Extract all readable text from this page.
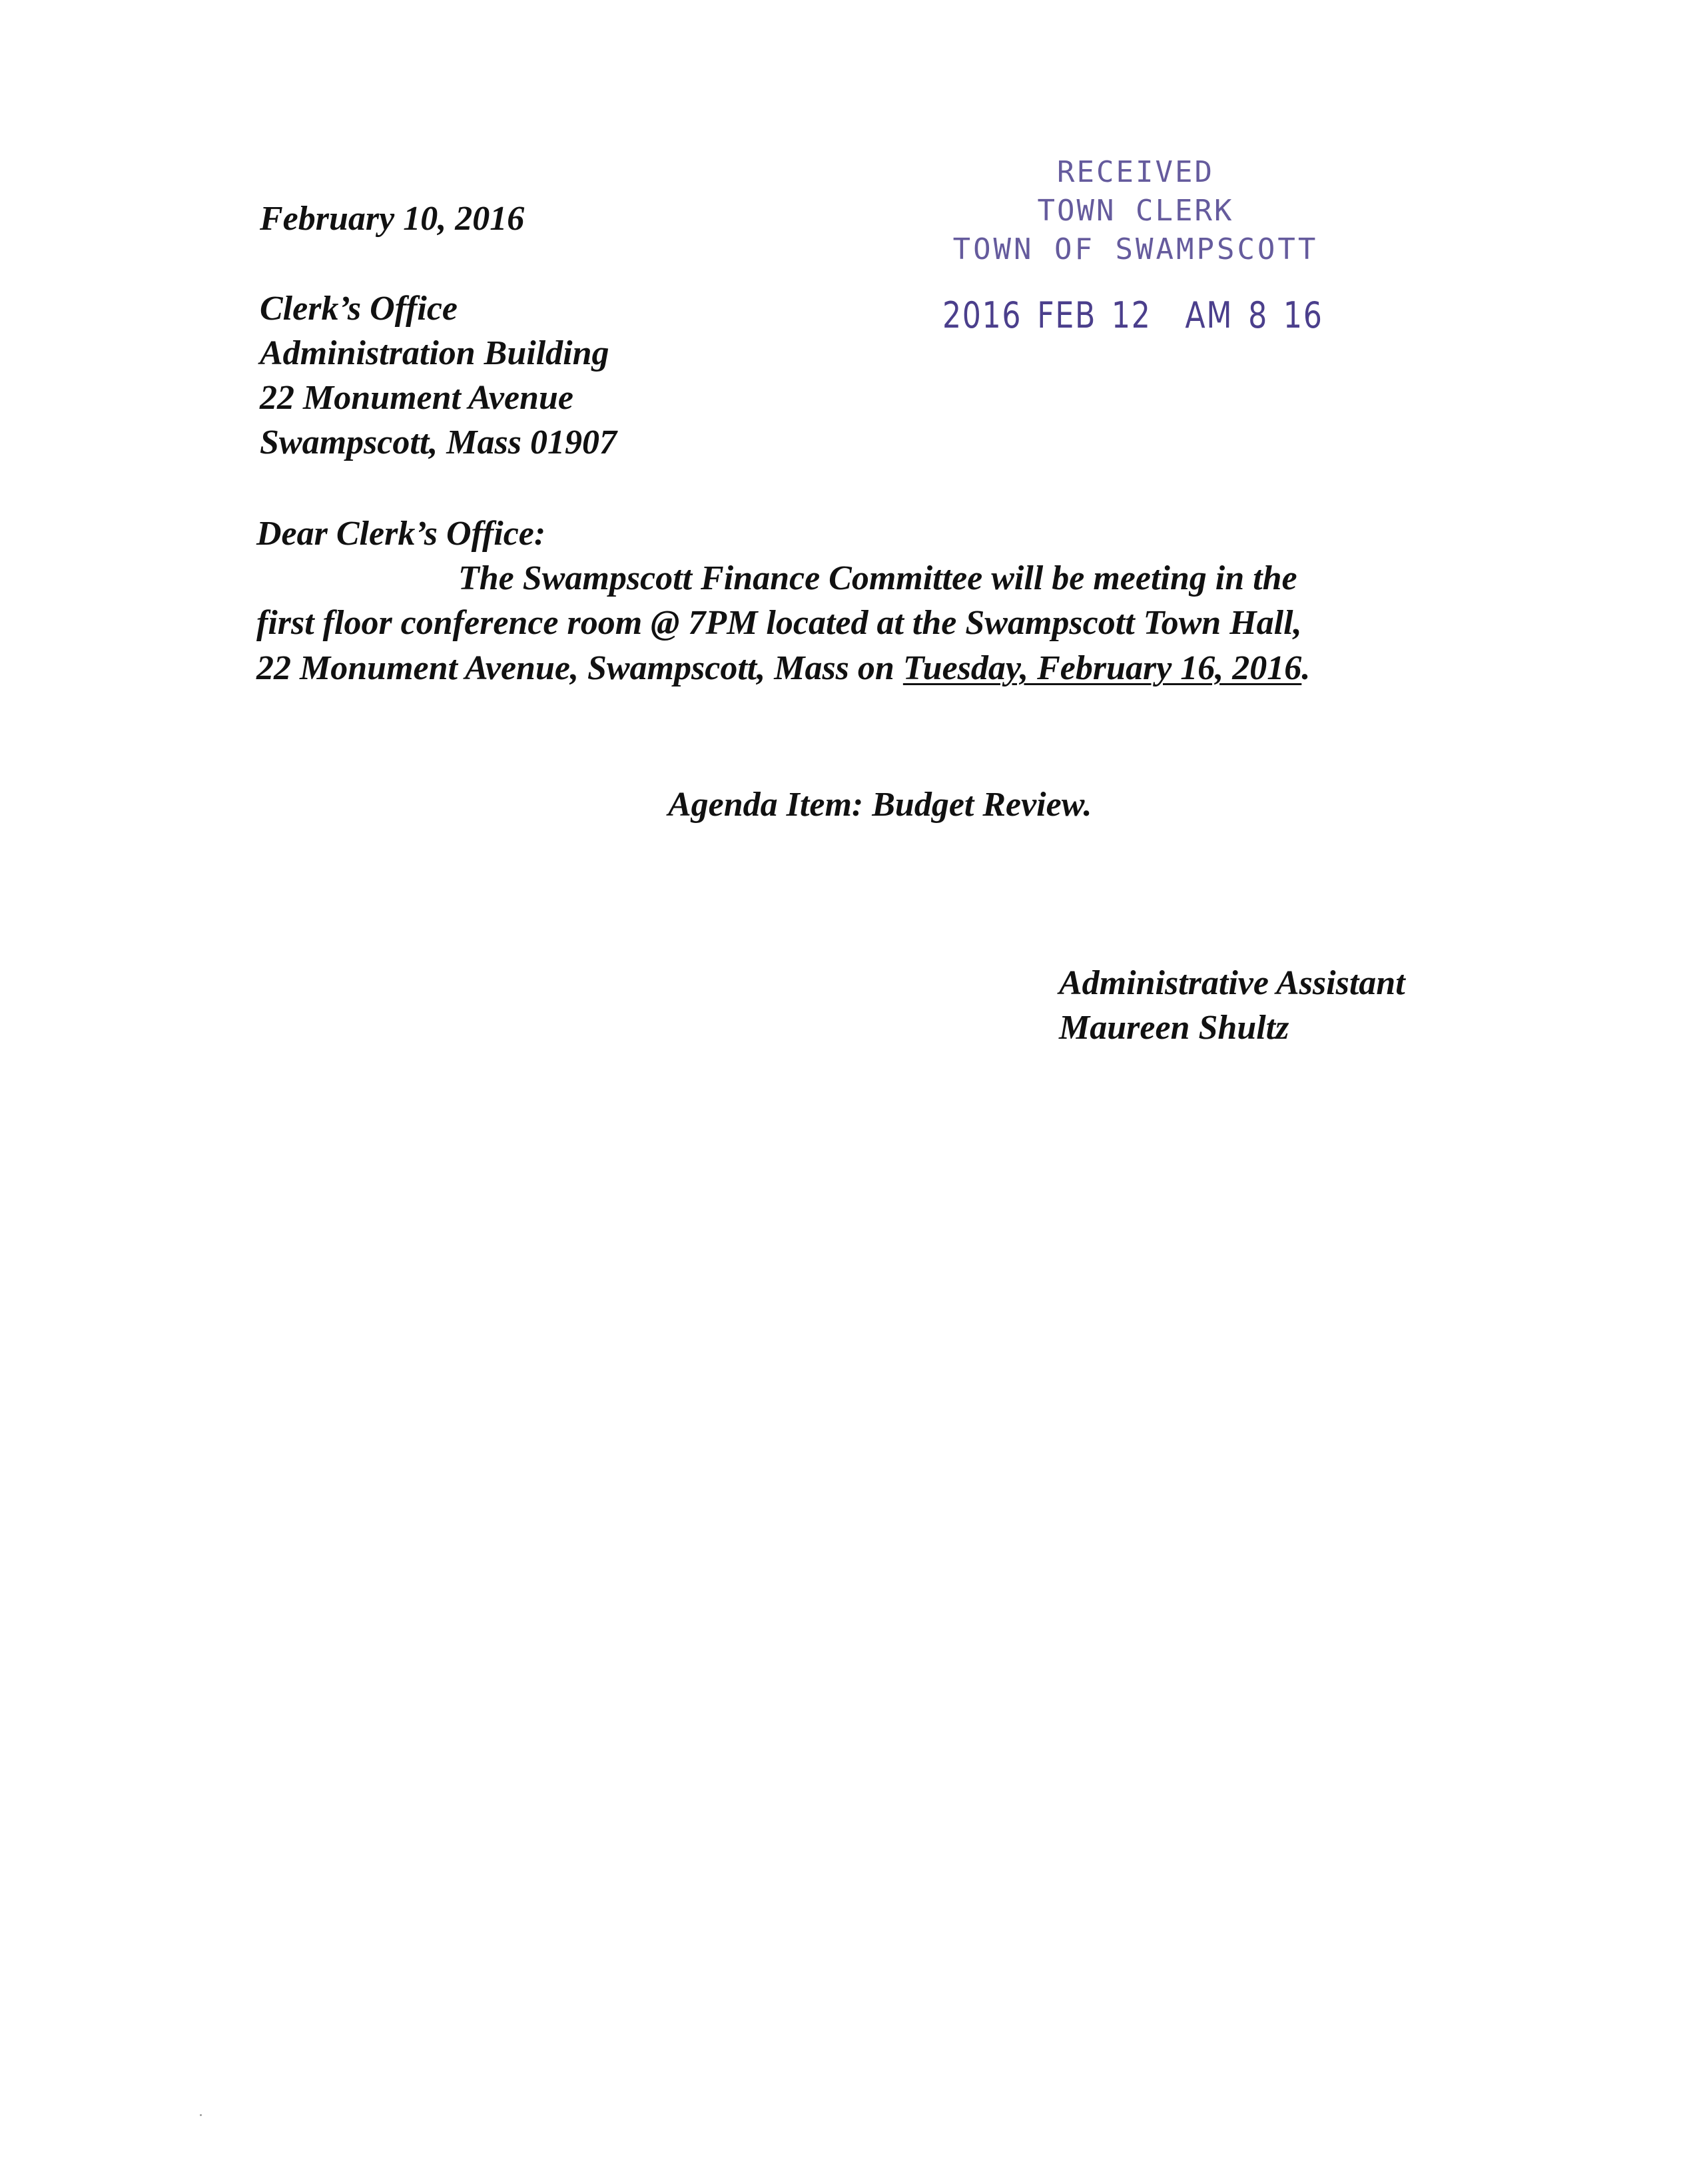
February 10, 2016
Clerk’s Office
Administration Building
22 Monument Avenue
Swampscott, Mass 01907
RECEIVED
TOWN CLERK
TOWN OF SWAMPSCOTT
2016 FEB 12 AM 8 16
Dear Clerk’s Office:
The Swampscott Finance Committee will be meeting in the
first floor conference room @ 7PM located at the Swampscott Town Hall,
22 Monument Avenue, Swampscott, Mass on Tuesday, February 16, 2016.
Agenda Item: Budget Review.
Administrative Assistant
Maureen Shultz
